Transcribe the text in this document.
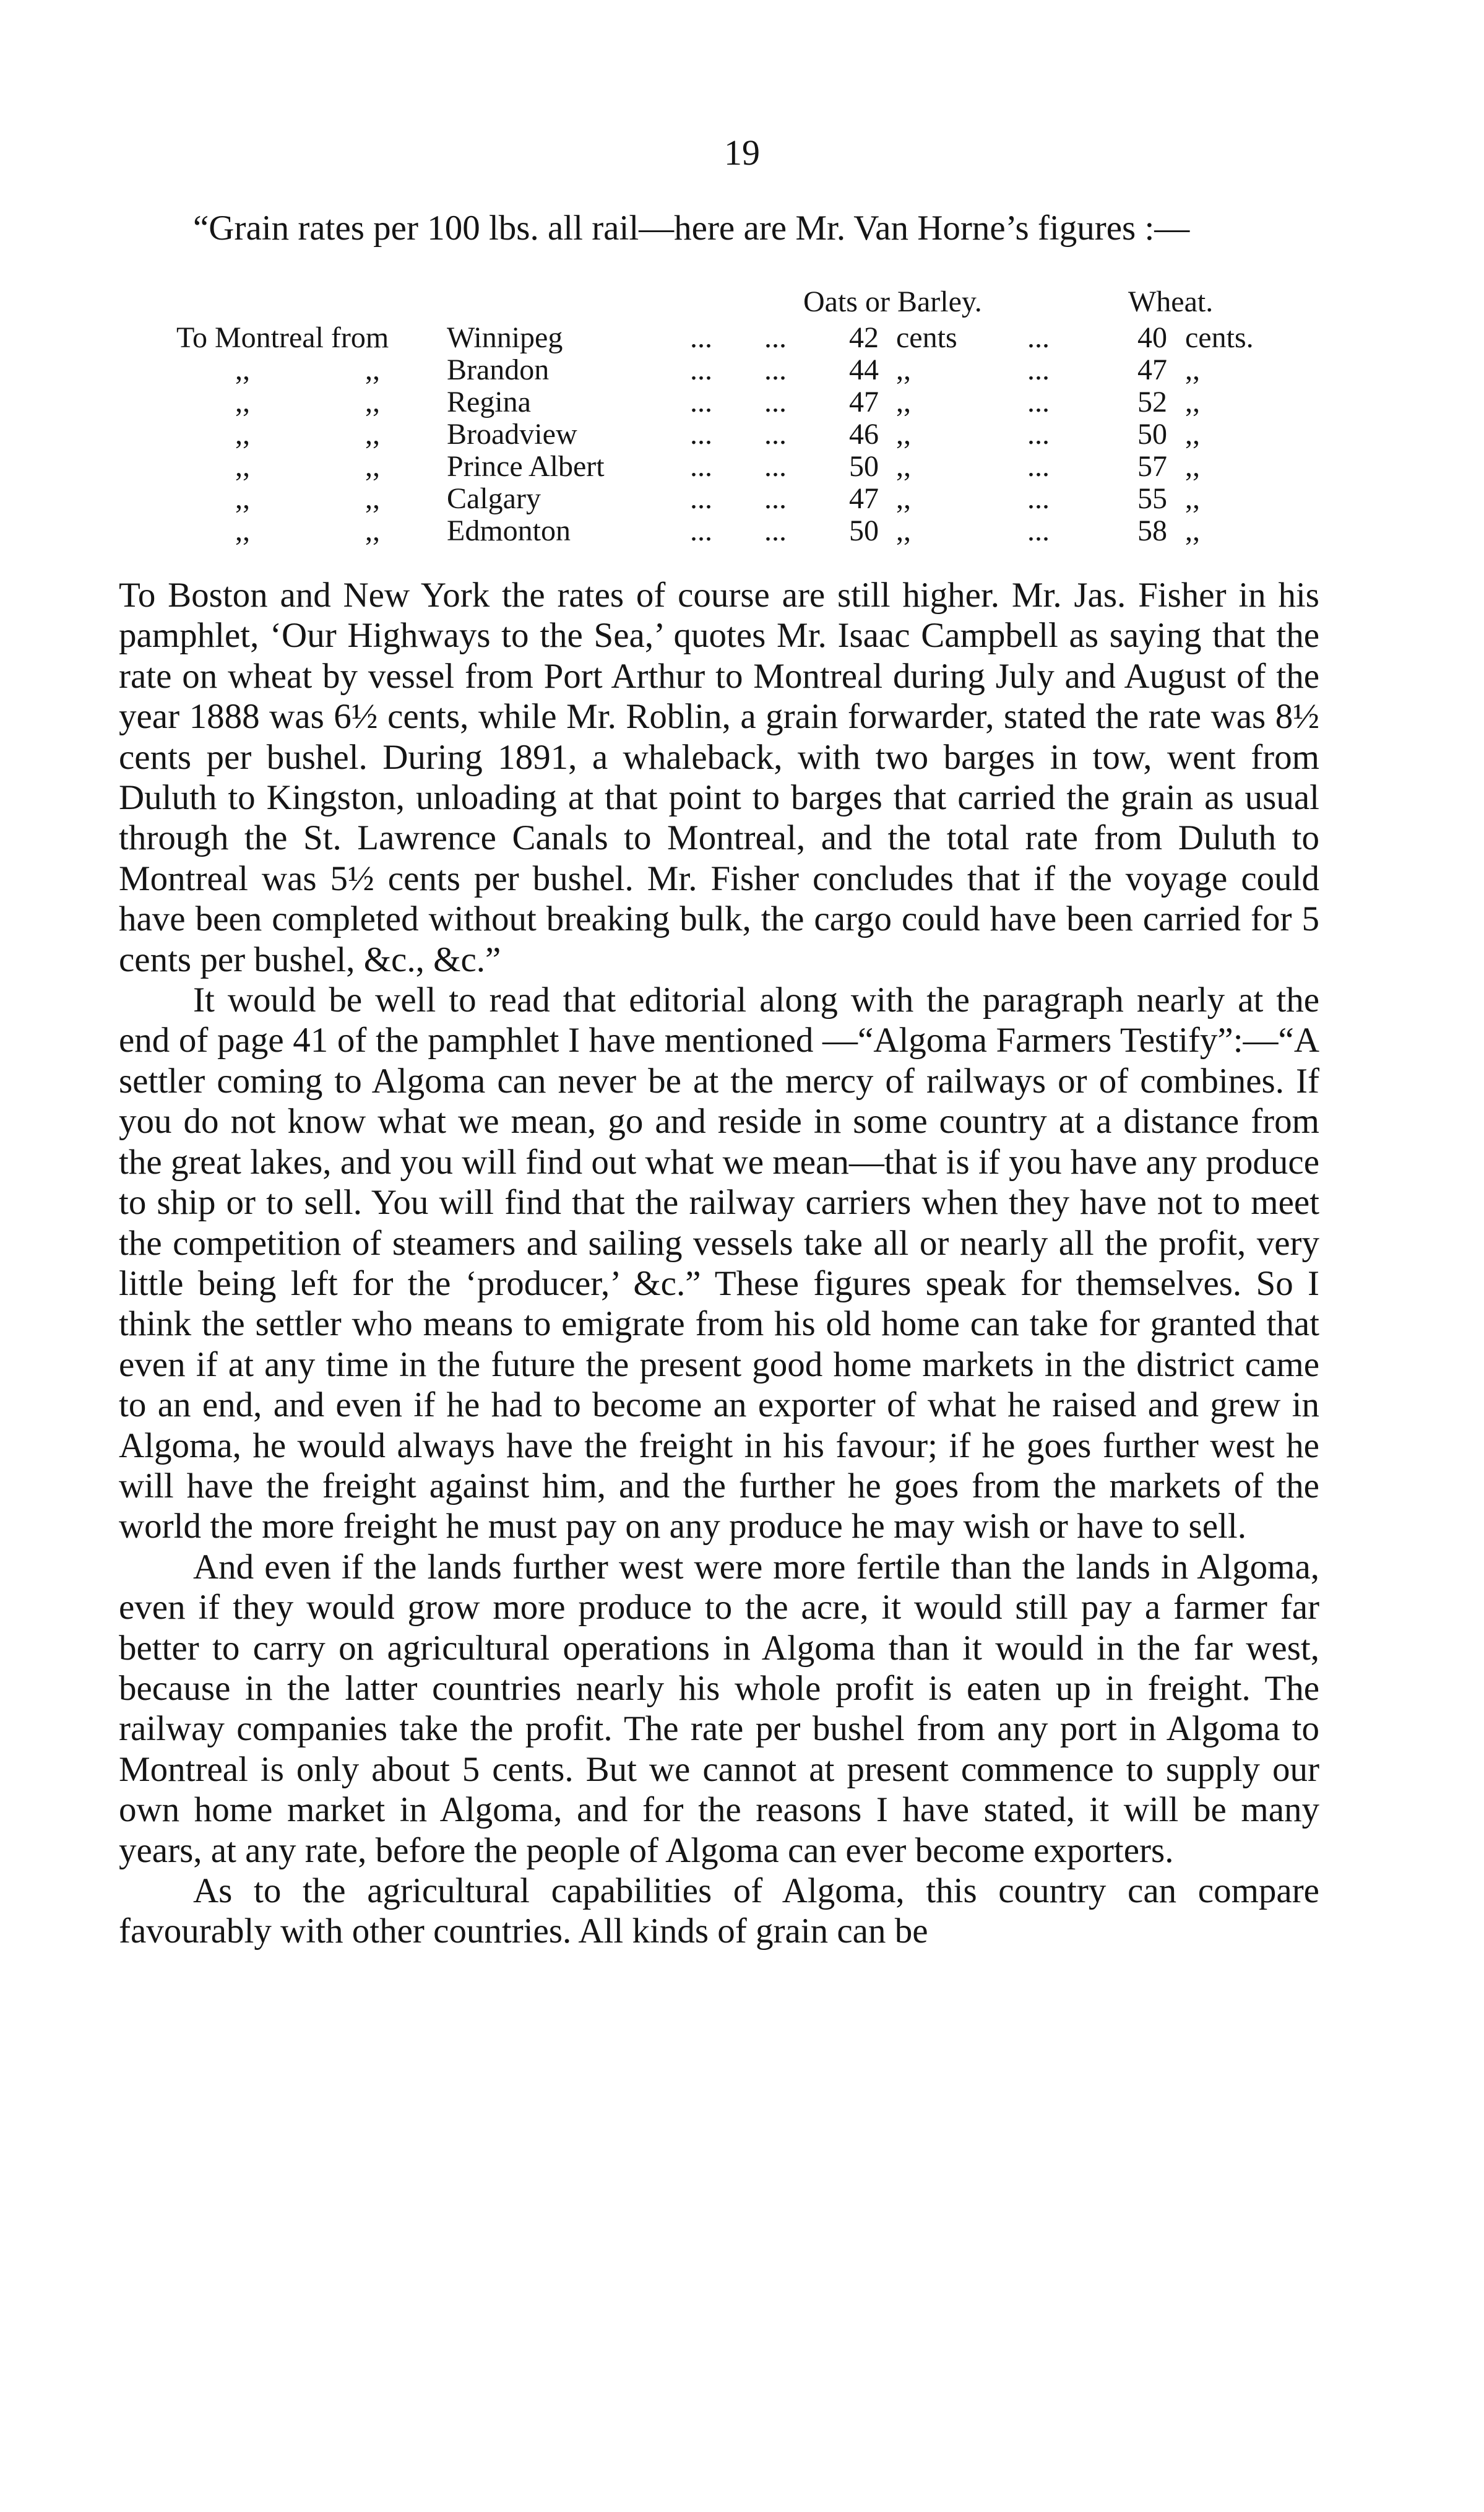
19

“Grain rates per 100 lbs. all rail—here are Mr. Van Horne’s figures :—

Oats or Barley.	Wheat.
To Montreal from Winnipeg	... ... 42 cents ...	40 cents.
,,	,, Brandon	... ... 44 ,,	...	47 ,,
,,	,, Regina	... ... 47 ,,	...	52 ,,
,,	,, Broadview	... ... 46 ,,	...	50 ,,
,,	,, Prince Albert	... ... 50 ,,	...	57 ,,
,,	,, Calgary	... ... 47 ,,	...	55 ,,
,,	,, Edmonton	... ... 50 ,,	...	58 ,,

To Boston and New York the rates of course are still higher. Mr. Jas. Fisher in his pamphlet, ‘Our Highways to the Sea,’ quotes Mr. Isaac Campbell as saying that the rate on wheat by vessel from Port Arthur to Montreal during July and August of the year 1888 was 6½ cents, while Mr. Roblin, a grain forwarder, stated the rate was 8½ cents per bushel. During 1891, a whaleback, with two barges in tow, went from Duluth to Kingston, unloading at that point to barges that carried the grain as usual through the St. Lawrence Canals to Montreal, and the total rate from Duluth to Montreal was 5½ cents per bushel. Mr. Fisher concludes that if the voyage could have been completed without breaking bulk, the cargo could have been carried for 5 cents per bushel, &c., &c.”

It would be well to read that editorial along with the paragraph nearly at the end of page 41 of the pamphlet I have mentioned —“Algoma Farmers Testify”:—“A settler coming to Algoma can never be at the mercy of railways or of combines. If you do not know what we mean, go and reside in some country at a distance from the great lakes, and you will find out what we mean—that is if you have any produce to ship or to sell. You will find that the railway carriers when they have not to meet the competition of steamers and sailing vessels take all or nearly all the profit, very little being left for the ‘producer,’ &c.” These figures speak for themselves. So I think the settler who means to emigrate from his old home can take for granted that even if at any time in the future the present good home markets in the district came to an end, and even if he had to become an exporter of what he raised and grew in Algoma, he would always have the freight in his favour; if he goes further west he will have the freight against him, and the further he goes from the markets of the world the more freight he must pay on any produce he may wish or have to sell.

And even if the lands further west were more fertile than the lands in Algoma, even if they would grow more produce to the acre, it would still pay a farmer far better to carry on agricultural operations in Algoma than it would in the far west, because in the latter countries nearly his whole profit is eaten up in freight. The railway companies take the profit. The rate per bushel from any port in Algoma to Montreal is only about 5 cents. But we cannot at present commence to supply our own home market in Algoma, and for the reasons I have stated, it will be many years, at any rate, before the people of Algoma can ever become exporters.

As to the agricultural capabilities of Algoma, this country can compare favourably with other countries. All kinds of grain can be
